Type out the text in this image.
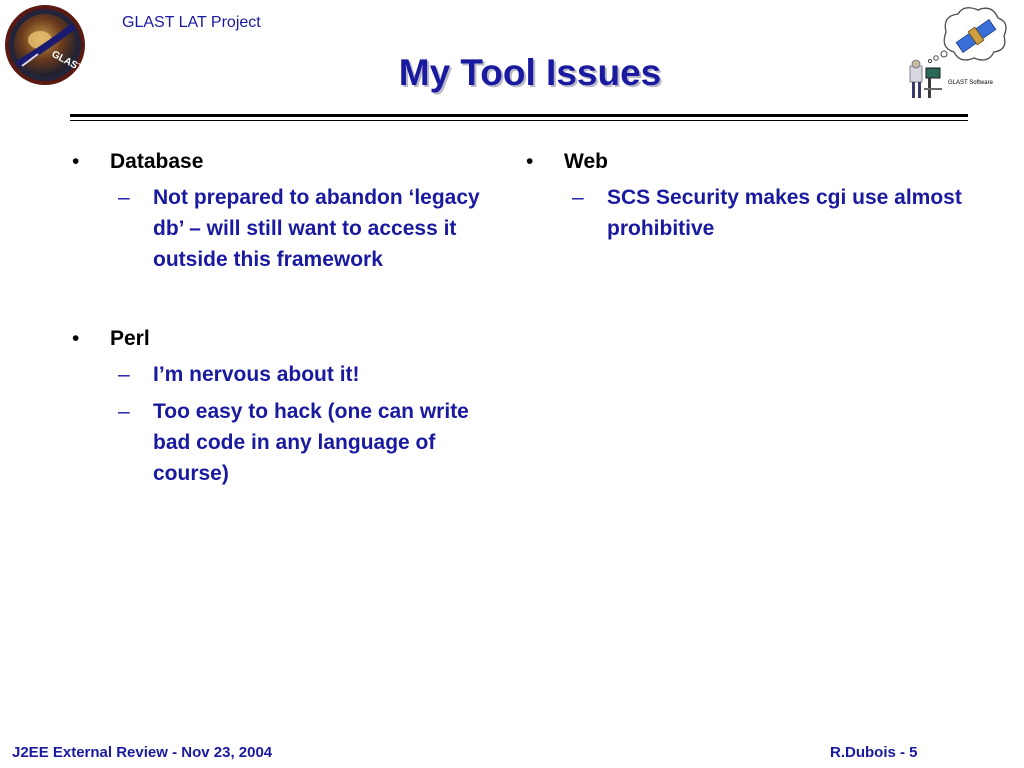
GLAST
GLAST LAT Project
My Tool Issues	GLAST Software
•	Database
–	Not prepared to abandon ‘legacy db’ – will still want to access it outside this framework
•	Perl
–	I’m nervous about it!
–	Too easy to hack (one can write bad code in any language of course)
•	Web
–	SCS Security makes cgi use almost prohibitive
J2EE External Review - Nov 23, 2004	R.Dubois - 5
